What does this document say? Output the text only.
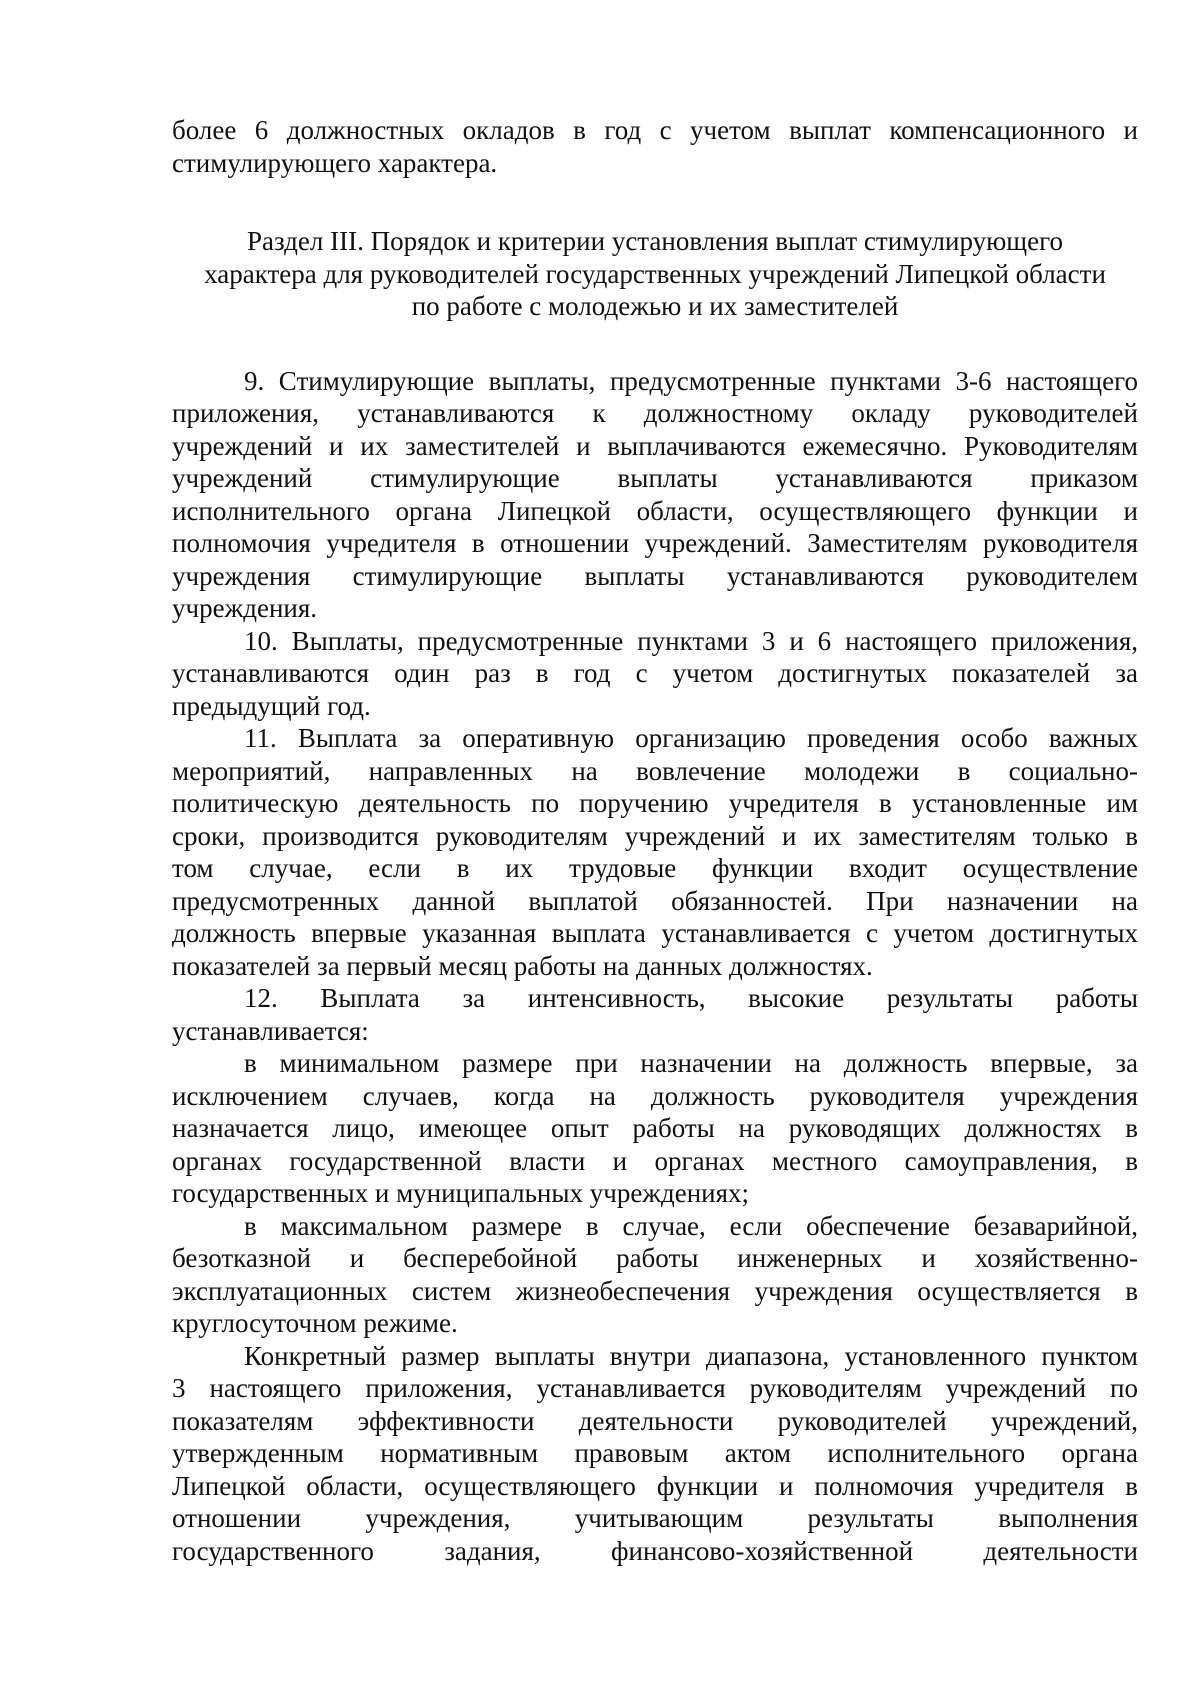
более 6 должностных окладов в год с учетом выплат компенсационного и
стимулирующего характера.
Раздел III. Порядок и критерии установления выплат стимулирующего
характера для руководителей государственных учреждений Липецкой области
по работе с молодежью и их заместителей
9. Стимулирующие выплаты, предусмотренные пунктами 3-6 настоящего
приложения, устанавливаются к должностному окладу руководителей
учреждений и их заместителей и выплачиваются ежемесячно. Руководителям
учреждений стимулирующие выплаты устанавливаются приказом
исполнительного органа Липецкой области, осуществляющего функции и
полномочия учредителя в отношении учреждений. Заместителям руководителя
учреждения стимулирующие выплаты устанавливаются руководителем
учреждения.
10. Выплаты, предусмотренные пунктами 3 и 6 настоящего приложения,
устанавливаются один раз в год с учетом достигнутых показателей за
предыдущий год.
11. Выплата за оперативную организацию проведения особо важных
мероприятий, направленных на вовлечение молодежи в социально-
политическую деятельность по поручению учредителя в установленные им
сроки, производится руководителям учреждений и их заместителям только в
том случае, если в их трудовые функции входит осуществление
предусмотренных данной выплатой обязанностей. При назначении на
должность впервые указанная выплата устанавливается с учетом достигнутых
показателей за первый месяц работы на данных должностях.
12. Выплата за интенсивность, высокие результаты работы
устанавливается:
в минимальном размере при назначении на должность впервые, за
исключением случаев, когда на должность руководителя учреждения
назначается лицо, имеющее опыт работы на руководящих должностях в
органах государственной власти и органах местного самоуправления, в
государственных и муниципальных учреждениях;
в максимальном размере в случае, если обеспечение безаварийной,
безотказной и бесперебойной работы инженерных и хозяйственно-
эксплуатационных систем жизнеобеспечения учреждения осуществляется в
круглосуточном режиме.
Конкретный размер выплаты внутри диапазона, установленного пунктом
3 настоящего приложения, устанавливается руководителям учреждений по
показателям эффективности деятельности руководителей учреждений,
утвержденным нормативным правовым актом исполнительного органа
Липецкой области, осуществляющего функции и полномочия учредителя в
отношении учреждения, учитывающим результаты выполнения
государственного задания, финансово-хозяйственной деятельности
